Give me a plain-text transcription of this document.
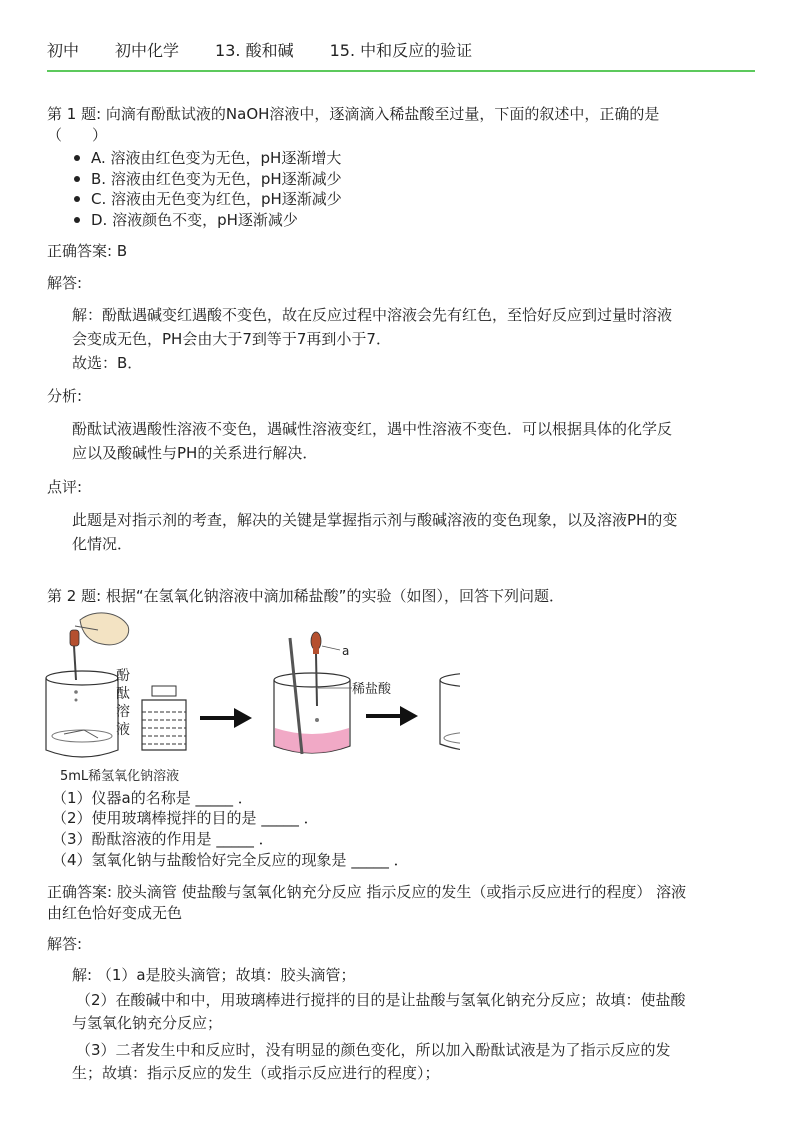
初中 初中化学 13. 酸和碱 15. 中和反应的验证
第 1 题: 向滴有酚酞试液的NaOH溶液中，逐滴滴入稀盐酸至过量，下面的叙述中，正确的是
（　　）
A. 溶液由红色变为无色，pH逐渐增大
B. 溶液由红色变为无色，pH逐渐减少
C. 溶液由无色变为红色，pH逐渐减少
D. 溶液颜色不变，pH逐渐减少
正确答案: B
解答:
解：酚酞遇碱变红遇酸不变色，故在反应过程中溶液会先有红色，至恰好反应到过量时溶液
会变成无色，PH会由大于7到等于7再到小于7．
故选：B．
分析:
酚酞试液遇酸性溶液不变色，遇碱性溶液变红，遇中性溶液不变色．可以根据具体的化学反
应以及酸碱性与PH的关系进行解决．
点评:
此题是对指示剂的考查，解决的关键是掌握指示剂与酸碱溶液的变色现象，以及溶液PH的变
化情况．
第 2 题: 根据“在氢氧化钠溶液中滴加稀盐酸”的实验（如图），回答下列问题．
酚
酞
溶
液
5mL稀氢氧化钠溶液
a
稀盐酸
（1）仪器a的名称是 _____ ．
（2）使用玻璃棒搅拌的目的是 _____ ．
（3）酚酞溶液的作用是 _____ ．
（4）氢氧化钠与盐酸恰好完全反应的现象是 _____ ．
正确答案: 胶头滴管 使盐酸与氢氧化钠充分反应 指示反应的发生（或指示反应进行的程度） 溶液
由红色恰好变成无色
解答:
解: （1）a是胶头滴管；故填：胶头滴管；
（2）在酸碱中和中，用玻璃棒进行搅拌的目的是让盐酸与氢氧化钠充分反应；故填：使盐酸
与氢氧化钠充分反应；
（3）二者发生中和反应时，没有明显的颜色变化，所以加入酚酞试液是为了指示反应的发
生；故填：指示反应的发生（或指示反应进行的程度）；
